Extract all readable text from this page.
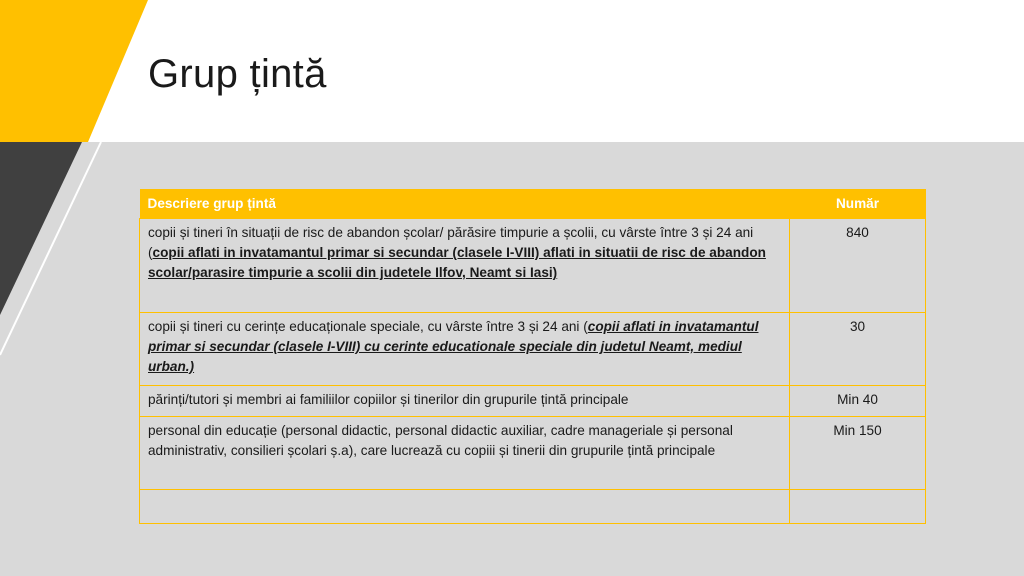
Grup țintă
Descriere grup țintă	Număr
copii și tineri în situații de risc de abandon școlar/ părăsire timpurie a școlii, cu vârste între 3 și 24 ani (copii aflati in invatamantul primar si secundar (clasele I-VIII) aflati in situatii de risc de abandon scolar/parasire timpurie a scolii din judetele Ilfov, Neamt si Iasi)	840
copii și tineri cu cerințe educaționale speciale, cu vârste între 3 și 24 ani (copii aflati in invatamantul primar si secundar (clasele I-VIII) cu cerinte educationale speciale din judetul Neamt, mediul urban.)	30
părinți/tutori și membri ai familiilor copiilor și tinerilor din grupurile țintă principale	Min 40
personal din educație (personal didactic, personal didactic auxiliar, cadre manageriale și personal administrativ, consilieri școlari ș.a), care lucrează cu copiii și tinerii din grupurile țintă principale	Min 150
